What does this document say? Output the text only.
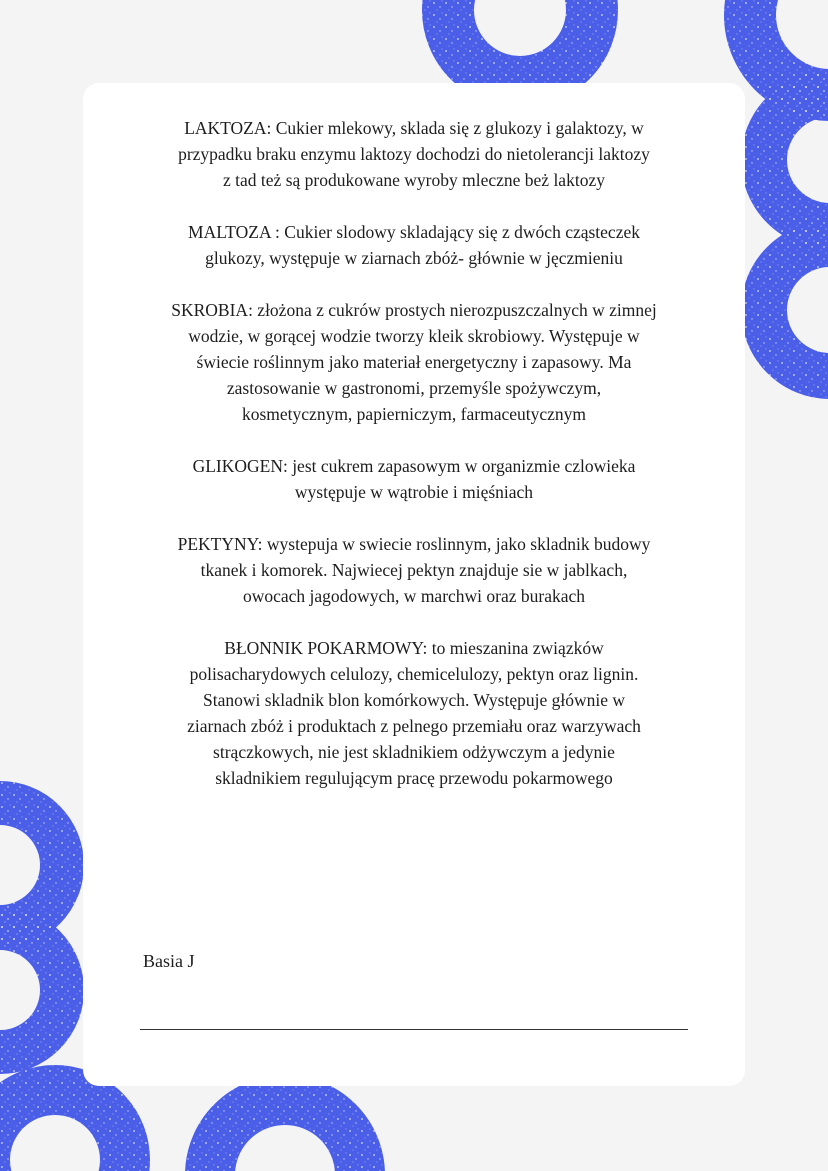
LAKTOZA: Cukier mlekowy, sklada się z glukozy i galaktozy, w
przypadku braku enzymu laktozy dochodzi do nietolerancji laktozy
z tad też są produkowane wyroby mleczne beż laktozy

MALTOZA : Cukier slodowy skladający się z dwóch cząsteczek
glukozy, występuje w ziarnach zbóż- głównie w jęczmieniu

SKROBIA: złożona z cukrów prostych nierozpuszczalnych w zimnej
wodzie, w gorącej wodzie tworzy kleik skrobiowy. Występuje w
świecie roślinnym jako materiał energetyczny i zapasowy. Ma
zastosowanie w gastronomi, przemyśle spożywczym,
kosmetycznym, papierniczym, farmaceutycznym

GLIKOGEN: jest cukrem zapasowym w organizmie czlowieka
występuje w wątrobie i mięśniach

PEKTYNY: wystepuja w swiecie roslinnym, jako skladnik budowy
tkanek i komorek. Najwiecej pektyn znajduje sie w jablkach,
owocach jagodowych, w marchwi oraz burakach

BŁONNIK POKARMOWY: to mieszanina związków
polisacharydowych celulozy, chemicelulozy, pektyn oraz lignin.
Stanowi skladnik blon komórkowych. Występuje głównie w
ziarnach zbóż i produktach z pelnego przemiału oraz warzywach
strączkowych, nie jest skladnikiem odżywczym a jedynie
skladnikiem regulującym pracę przewodu pokarmowego

Basia J
